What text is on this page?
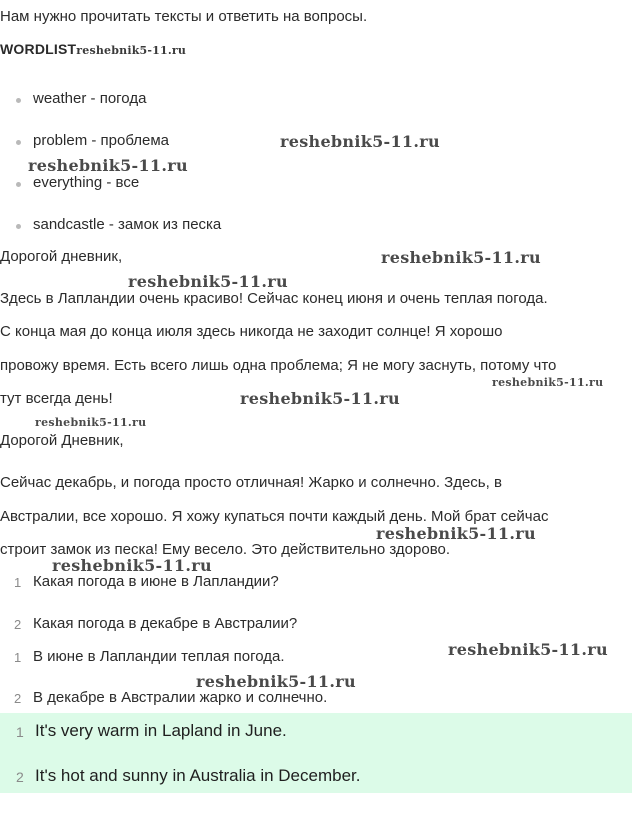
Нам нужно прочитать тексты и ответить на вопросы.
WORDLISTreshebnik5-11.ru
weather - погода
problem - проблема
everything - все
sandcastle - замок из песка
Дорогой дневник,
Здесь в Лапландии очень красиво! Сейчас конец июня и очень теплая погода.
С конца мая до конца июля здесь никогда не заходит солнце! Я хорошо
провожу время. Есть всего лишь одна проблема; Я не могу заснуть, потому что
тут всегда день!
Дорогой Дневник,
Сейчас декабрь, и погода просто отличная! Жарко и солнечно. Здесь, в
Австралии, все хорошо. Я хожу купаться почти каждый день. Мой брат сейчас
строит замок из песка! Ему весело. Это действительно здорово.
1 Какая погода в июне в Лапландии?
2 Какая погода в декабре в Австралии?
1 В июне в Лапландии теплая погода.
2 В декабре в Австралии жарко и солнечно.
1 It's very warm in Lapland in June.
2 It's hot and sunny in Australia in December.
reshebnik5-11.ru
reshebnik5-11.ru
reshebnik5-11.ru
reshebnik5-11.ru
reshebnik5-11.ru
reshebnik5-11.ru
reshebnik5-11.ru
reshebnik5-11.ru
reshebnik5-11.ru
reshebnik5-11.ru
reshebnik5-11.ru
